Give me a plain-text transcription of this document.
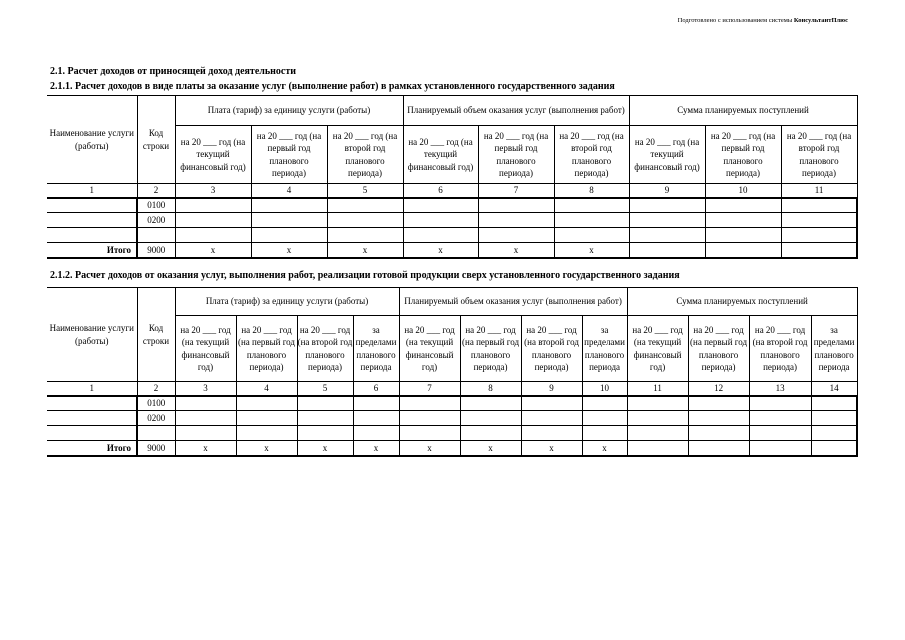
Подготовлено с использованием системы КонсультантПлюс
2.1. Расчет доходов от приносящей доход деятельности
2.1.1. Расчет доходов в виде платы за оказание услуг (выполнение работ) в рамках установленного государственного задания
Наименование услуги (работы)	Код строки	Плата (тариф) за единицу услуги (работы)			Планируемый объем оказания услуг (выполнения работ)			Сумма планируемых поступлений		
		на 20 ___ год (на текущий финансовый год)	на 20 ___ год (на первый год планового периода)	на 20 ___ год (на второй год планового периода)	на 20 ___ год (на текущий финансовый год)	на 20 ___ год (на первый год планового периода)	на 20 ___ год (на второй год планового периода)	на 20 ___ год (на текущий финансовый год)	на 20 ___ год (на первый год планового периода)	на 20 ___ год (на второй год планового периода)
1	2	3	4	5	6	7	8	9	10	11
	0100									
	0200									

Итого	9000	x	x	x	x	x	x			
2.1.2. Расчет доходов от оказания услуг, выполнения работ, реализации готовой продукции сверх установленного государственного задания
Наименование услуги (работы)	Код строки	Плата (тариф) за единицу услуги (работы)				Планируемый объем оказания услуг (выполнения работ)				Сумма планируемых поступлений			
		на 20 ___ год (на текущий финансовый год)	на 20 ___ год (на первый год планового периода)	на 20 ___ год (на второй год планового периода)	за пределами планового периода	на 20 ___ год (на текущий финансовый год)	на 20 ___ год (на первый год планового периода)	на 20 ___ год (на второй год планового периода)	за пределами планового периода	на 20 ___ год (на текущий финансовый год)	на 20 ___ год (на первый год планового периода)	на 20 ___ год (на второй год планового периода)	за пределами планового периода
1	2	3	4	5	6	7	8	9	10	11	12	13	14
	0100												
	0200												

Итого	9000	x	x	x	x	x	x	x	x				
